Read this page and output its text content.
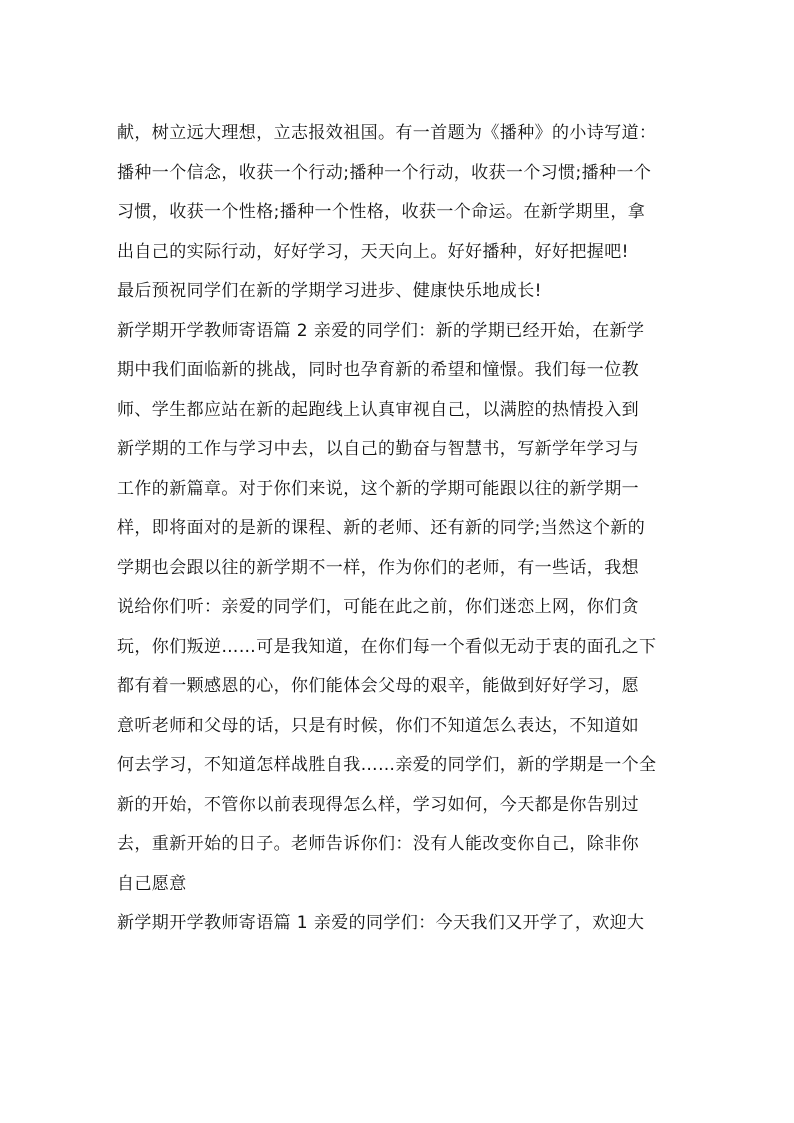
献，树立远大理想，立志报效祖国。有一首题为《播种》的小诗写道：
播种一个信念，收获一个行动;播种一个行动，收获一个习惯;播种一个
习惯，收获一个性格;播种一个性格，收获一个命运。在新学期里，拿
出自己的实际行动，好好学习，天天向上。好好播种，好好把握吧!
最后预祝同学们在新的学期学习进步、健康快乐地成长!
新学期开学教师寄语篇 2 亲爱的同学们：新的学期已经开始，在新学
期中我们面临新的挑战，同时也孕育新的希望和憧憬。我们每一位教
师、学生都应站在新的起跑线上认真审视自己，以满腔的热情投入到
新学期的工作与学习中去，以自己的勤奋与智慧书，写新学年学习与
工作的新篇章。对于你们来说，这个新的学期可能跟以往的新学期一
样，即将面对的是新的课程、新的老师、还有新的同学;当然这个新的
学期也会跟以往的新学期不一样，作为你们的老师，有一些话，我想
说给你们听：亲爱的同学们，可能在此之前，你们迷恋上网，你们贪
玩，你们叛逆……可是我知道，在你们每一个看似无动于衷的面孔之下
都有着一颗感恩的心，你们能体会父母的艰辛，能做到好好学习，愿
意听老师和父母的话，只是有时候，你们不知道怎么表达，不知道如
何去学习，不知道怎样战胜自我……亲爱的同学们，新的学期是一个全
新的开始，不管你以前表现得怎么样，学习如何，今天都是你告别过
去，重新开始的日子。老师告诉你们：没有人能改变你自己，除非你
自己愿意
新学期开学教师寄语篇 1 亲爱的同学们：今天我们又开学了，欢迎大
